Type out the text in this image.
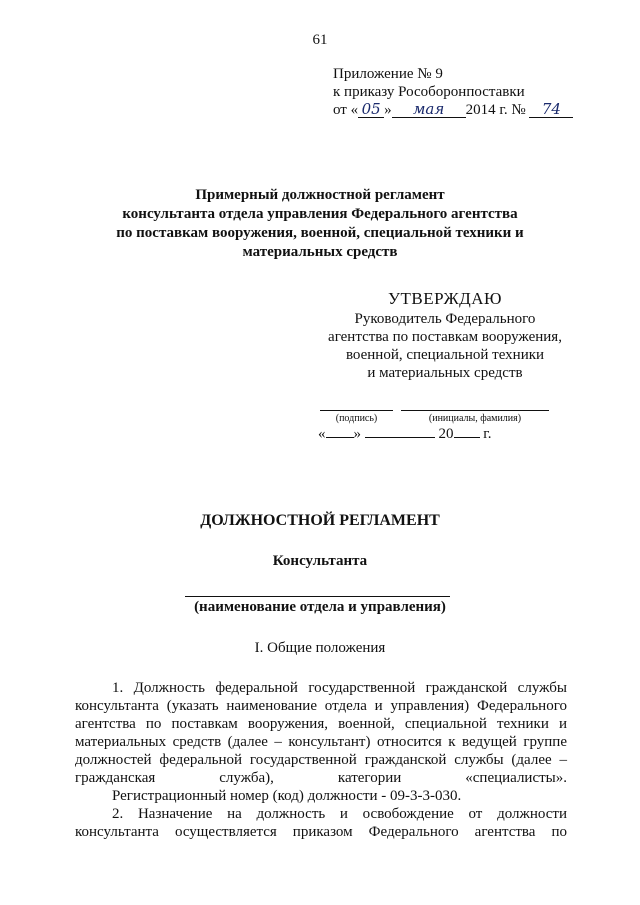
61
Приложение № 9
к приказу Рособоронпоставки
от « 05 » мая 2014 г. № 74
Примерный должностной регламент
консультанта отдела управления Федерального агентства
по поставкам вооружения, военной, специальной техники и
материальных средств
УТВЕРЖДАЮ
Руководитель Федерального
агентства по поставкам вооружения,
военной, специальной техники
и материальных средств
(подпись)	(инициалы, фамилия)
« »	20 г.
ДОЛЖНОСТНОЙ РЕГЛАМЕНТ
Консультанта
(наименование отдела и управления)
I. Общие положения

1. Должность федеральной государственной гражданской службы консультанта (указать наименование отдела и управления) Федерального агентства по поставкам вооружения, военной, специальной техники и материальных средств (далее – консультант) относится к ведущей группе должностей федеральной государственной гражданской службы (далее – гражданская служба), категории «специалисты».

Регистрационный номер (код) должности - 09-3-3-030.

2. Назначение на должность и освобождение от должности консультанта осуществляется приказом Федерального агентства по
